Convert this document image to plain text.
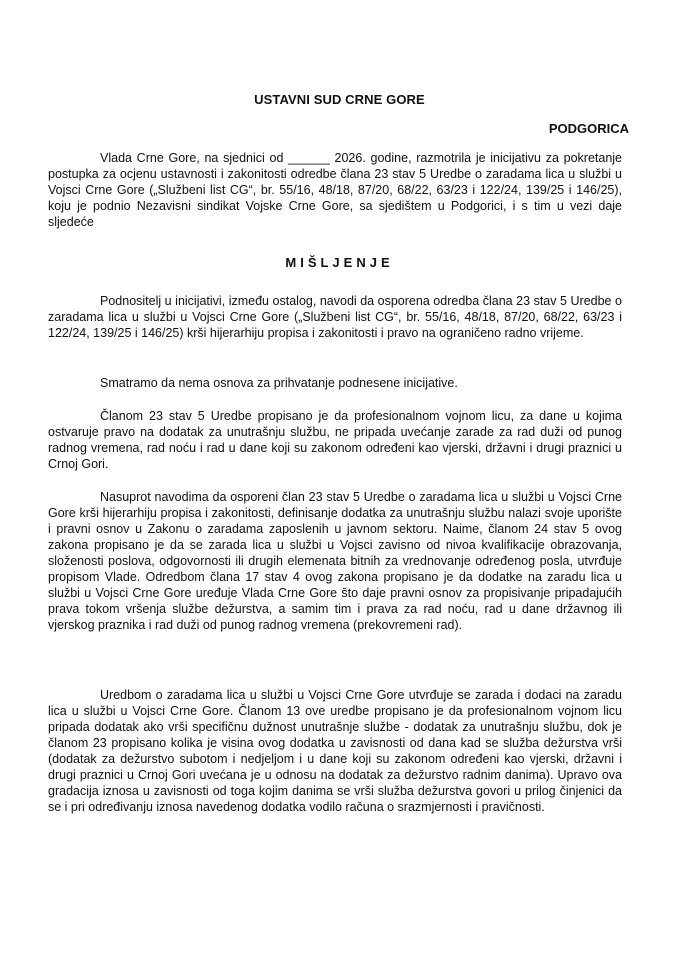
USTAVNI SUD CRNE GORE
PODGORICA

Vlada Crne Gore, na sjednici od ______ 2026. godine, razmotrila je inicijativu za pokretanje postupka za ocjenu ustavnosti i zakonitosti odredbe člana 23 stav 5 Uredbe o zaradama lica u službi u Vojsci Crne Gore („Službeni list CG“, br. 55/16, 48/18, 87/20, 68/22, 63/23 i 122/24, 139/25 i 146/25), koju je podnio Nezavisni sindikat Vojske Crne Gore, sa sjedištem u Podgorici, i s tim u vezi daje sljedeće

MIŠLJENJE

Podnositelj u inicijativi, između ostalog, navodi da osporena odredba člana 23 stav 5 Uredbe o zaradama lica u službi u Vojsci Crne Gore („Službeni list CG“, br. 55/16, 48/18, 87/20, 68/22, 63/23 i 122/24, 139/25 i 146/25) krši hijerarhiju propisa i zakonitosti i pravo na ograničeno radno vrijeme.

Smatramo da nema osnova za prihvatanje podnesene inicijative.

Članom 23 stav 5 Uredbe propisano je da profesionalnom vojnom licu, za dane u kojima ostvaruje pravo na dodatak za unutrašnju službu, ne pripada uvećanje zarade za rad duži od punog radnog vremena, rad noću i rad u dane koji su zakonom određeni kao vjerski, državni i drugi praznici u Crnoj Gori.

Nasuprot navodima da osporeni član 23 stav 5 Uredbe o zaradama lica u službi u Vojsci Crne Gore krši hijerarhiju propisa i zakonitosti, definisanje dodatka za unutrašnju službu nalazi svoje uporište i pravni osnov u Zakonu o zaradama zaposlenih u javnom sektoru. Naime, članom 24 stav 5 ovog zakona propisano je da se zarada lica u službi u Vojsci zavisno od nivoa kvalifikacije obrazovanja, složenosti poslova, odgovornosti ili drugih elemenata bitnih za vrednovanje određenog posla, utvrđuje propisom Vlade. Odredbom člana 17 stav 4 ovog zakona propisano je da dodatke na zaradu lica u službi u Vojsci Crne Gore uređuje Vlada Crne Gore što daje pravni osnov za propisivanje pripadajućih prava tokom vršenja službe dežurstva, a samim tim i prava za rad noću, rad u dane državnog ili vjerskog praznika i rad duži od punog radnog vremena (prekovremeni rad).

Uredbom o zaradama lica u službi u Vojsci Crne Gore utvrđuje se zarada i dodaci na zaradu lica u službi u Vojsci Crne Gore. Članom 13 ove uredbe propisano je da profesionalnom vojnom licu pripada dodatak ako vrši specifičnu dužnost unutrašnje službe - dodatak za unutrašnju službu, dok je članom 23 propisano kolika je visina ovog dodatka u zavisnosti od dana kad se služba dežurstva vrši (dodatak za dežurstvo subotom i nedjeljom i u dane koji su zakonom određeni kao vjerski, državni i drugi praznici u Crnoj Gori uvećana je u odnosu na dodatak za dežurstvo radnim danima). Upravo ova gradacija iznosa u zavisnosti od toga kojim danima se vrši služba dežurstva govori u prilog činjenici da se i pri određivanju iznosa navedenog dodatka vodilo računa o srazmjernosti i pravičnosti.
